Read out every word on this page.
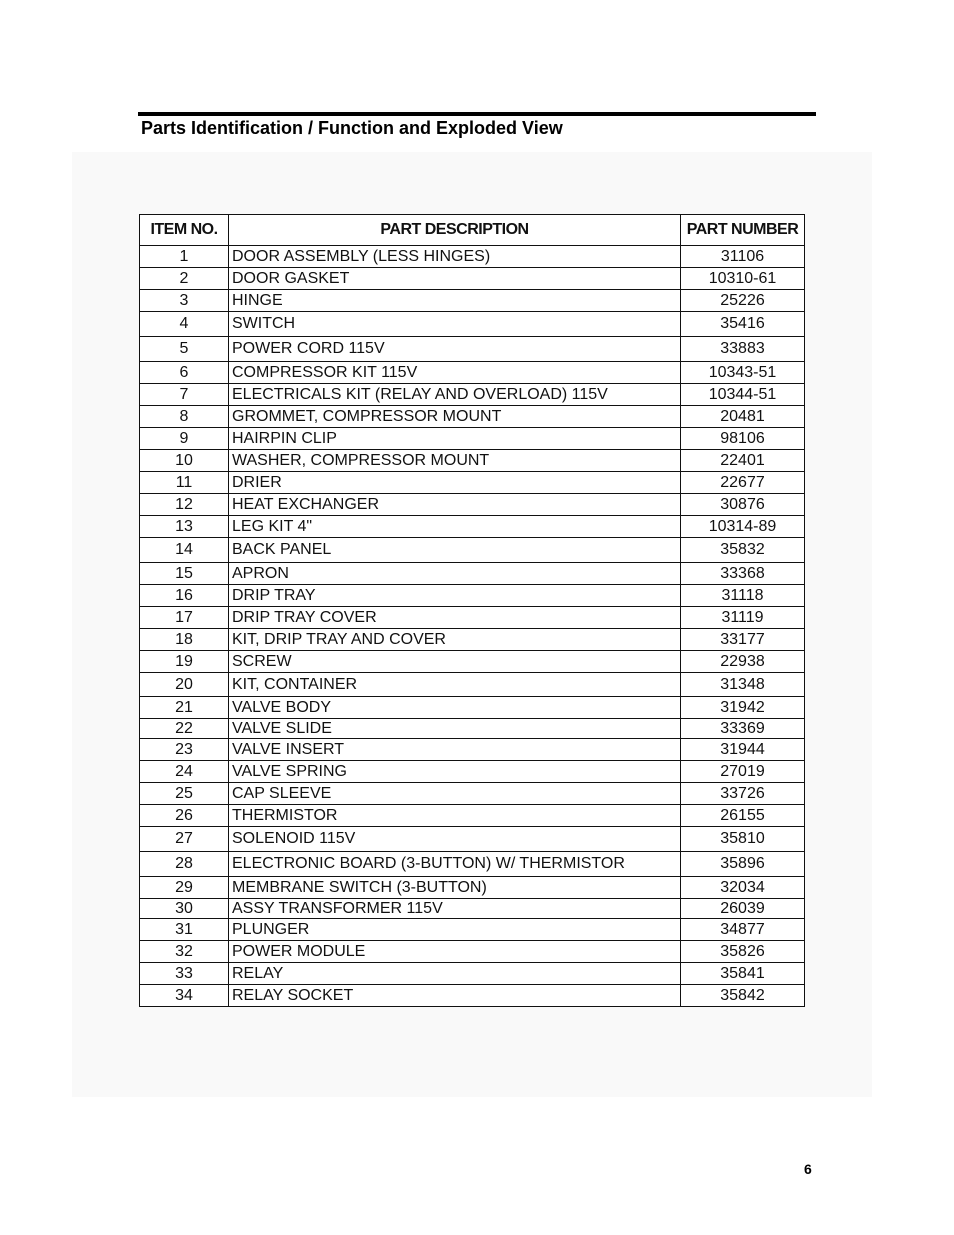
Parts Identification / Function and Exploded View
ITEM NO.	PART DESCRIPTION	PART NUMBER
1	DOOR ASSEMBLY (LESS HINGES)	31106
2	DOOR GASKET	10310-61
3	HINGE	25226
4	SWITCH	35416
5	POWER CORD 115V	33883
6	COMPRESSOR KIT 115V	10343-51
7	ELECTRICALS KIT (RELAY AND OVERLOAD) 115V	10344-51
8	GROMMET, COMPRESSOR MOUNT	20481
9	HAIRPIN CLIP	98106
10	WASHER, COMPRESSOR MOUNT	22401
11	DRIER	22677
12	HEAT EXCHANGER	30876
13	LEG KIT 4"	10314-89
14	BACK PANEL	35832
15	APRON	33368
16	DRIP TRAY	31118
17	DRIP TRAY COVER	31119
18	KIT, DRIP TRAY AND COVER	33177
19	SCREW	22938
20	KIT, CONTAINER	31348
21	VALVE BODY	31942
22	VALVE SLIDE	33369
23	VALVE INSERT	31944
24	VALVE SPRING	27019
25	CAP SLEEVE	33726
26	THERMISTOR	26155
27	SOLENOID 115V	35810
28	ELECTRONIC BOARD (3-BUTTON) W/ THERMISTOR	35896
29	MEMBRANE SWITCH (3-BUTTON)	32034
30	ASSY TRANSFORMER 115V	26039
31	PLUNGER	34877
32	POWER MODULE	35826
33	RELAY	35841
34	RELAY SOCKET	35842
6
